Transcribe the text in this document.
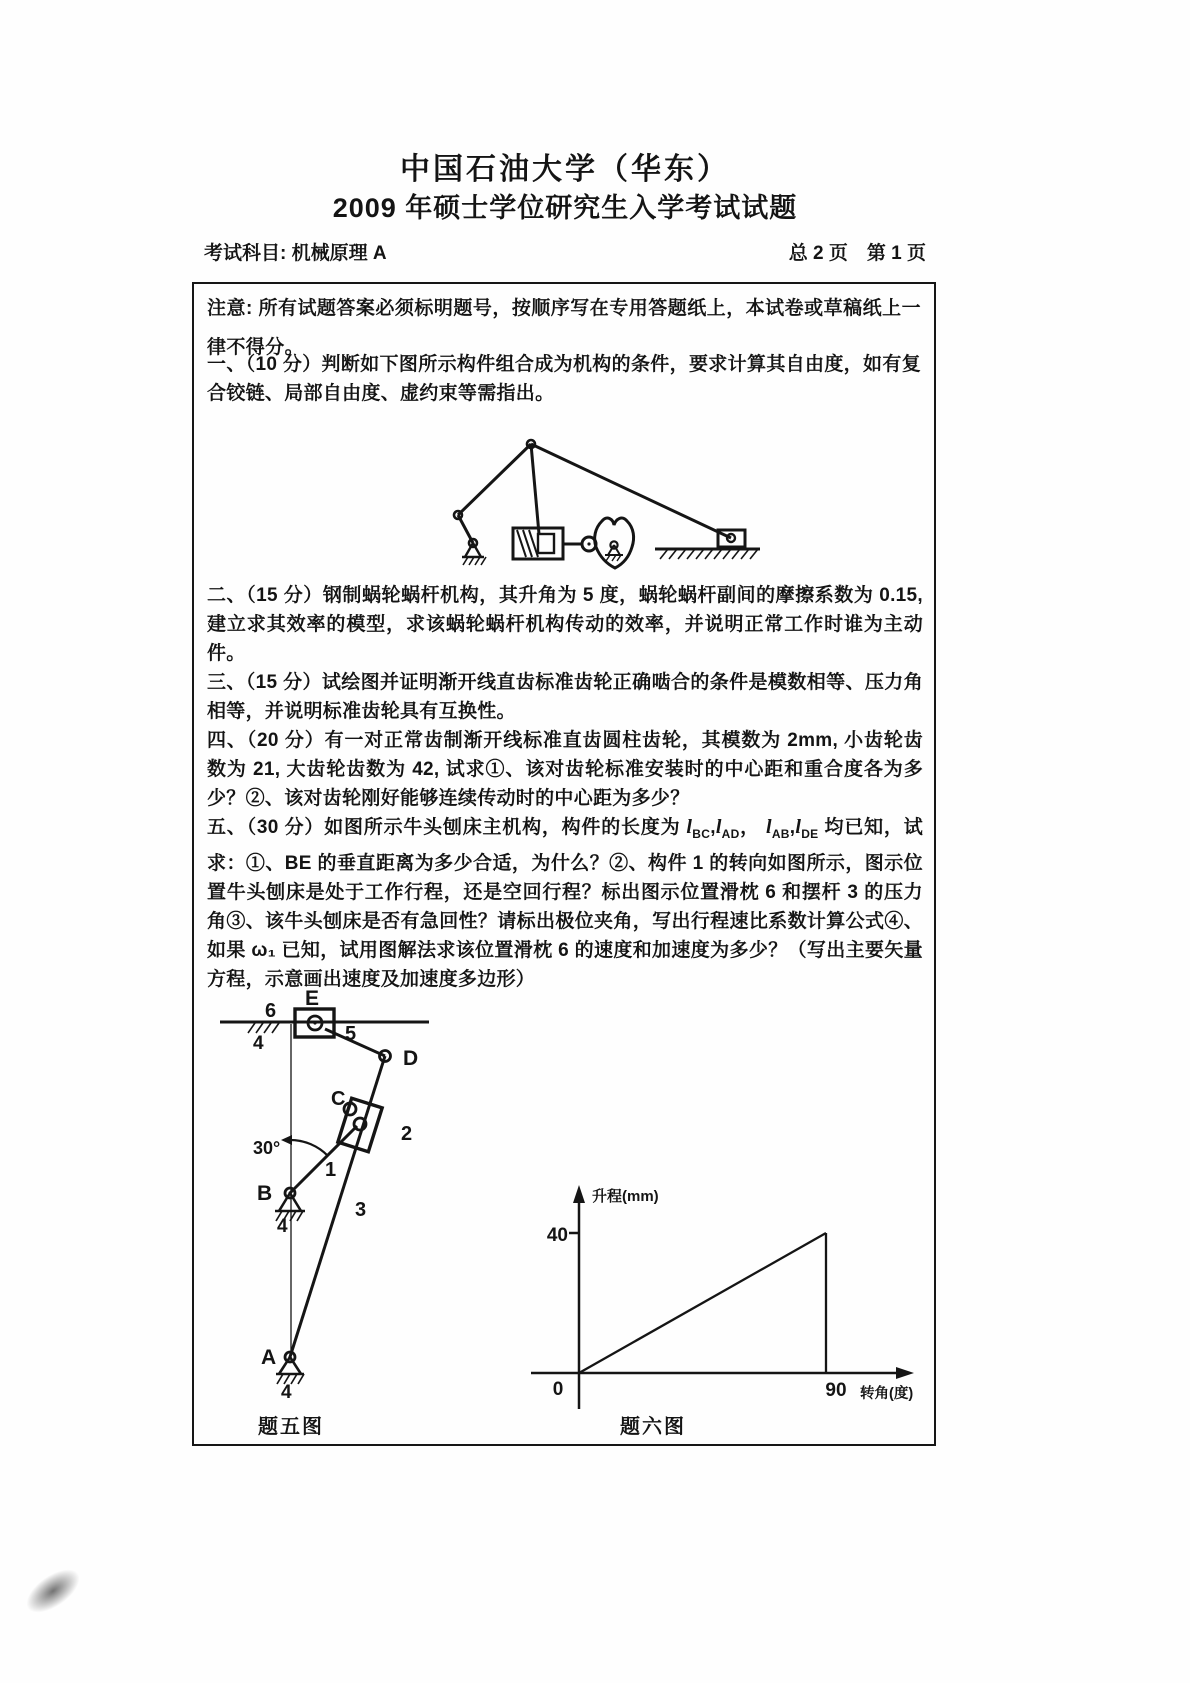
中国石油大学（华东）
2009 年硕士学位研究生入学考试试题
考试科目: 机械原理 A	总 2 页　第 1 页

注意: 所有试题答案必须标明题号，按顺序写在专用答题纸上，本试卷或草稿纸上一律不得分。

一、（10 分）判断如下图所示构件组合成为机构的条件，要求计算其自由度，如有复合铰链、局部自由度、虚约束等需指出。

二、（15 分）钢制蜗轮蜗杆机构，其升角为 5 度，蜗轮蜗杆副间的摩擦系数为 0.15,建立求其效率的模型，求该蜗轮蜗杆机构传动的效率，并说明正常工作时谁为主动件。

三、（15 分）试绘图并证明渐开线直齿标准齿轮正确啮合的条件是模数相等、压力角相等，并说明标准齿轮具有互换性。

四、（20 分）有一对正常齿制渐开线标准直齿圆柱齿轮，其模数为 2mm, 小齿轮齿数为 21, 大齿轮齿数为 42, 试求①、该对齿轮标准安装时的中心距和重合度各为多少？②、该对齿轮刚好能够连续传动时的中心距为多少？

五、（30 分）如图所示牛头刨床主机构，构件的长度为 $l_{BC},l_{AD}$， $l_{AB},l_{DE}$ 均已知，试求：①、BE 的垂直距离为多少合适，为什么？②、构件 1 的转向如图所示，图示位置牛头刨床是处于工作行程，还是空回行程？标出图示位置滑枕 6 和摆杆 3 的压力角③、该牛头刨床是否有急回性？请标出极位夹角，写出行程速比系数计算公式④、如果 ω₁ 已知，试用图解法求该位置滑枕 6 的速度和加速度为多少？（写出主要矢量方程，示意画出速度及加速度多边形）

E
6
4	5
D
C
2
30°
1
B
4
3
A
4
升程(mm)
40
0	90 转角(度)
题五图	题六图
